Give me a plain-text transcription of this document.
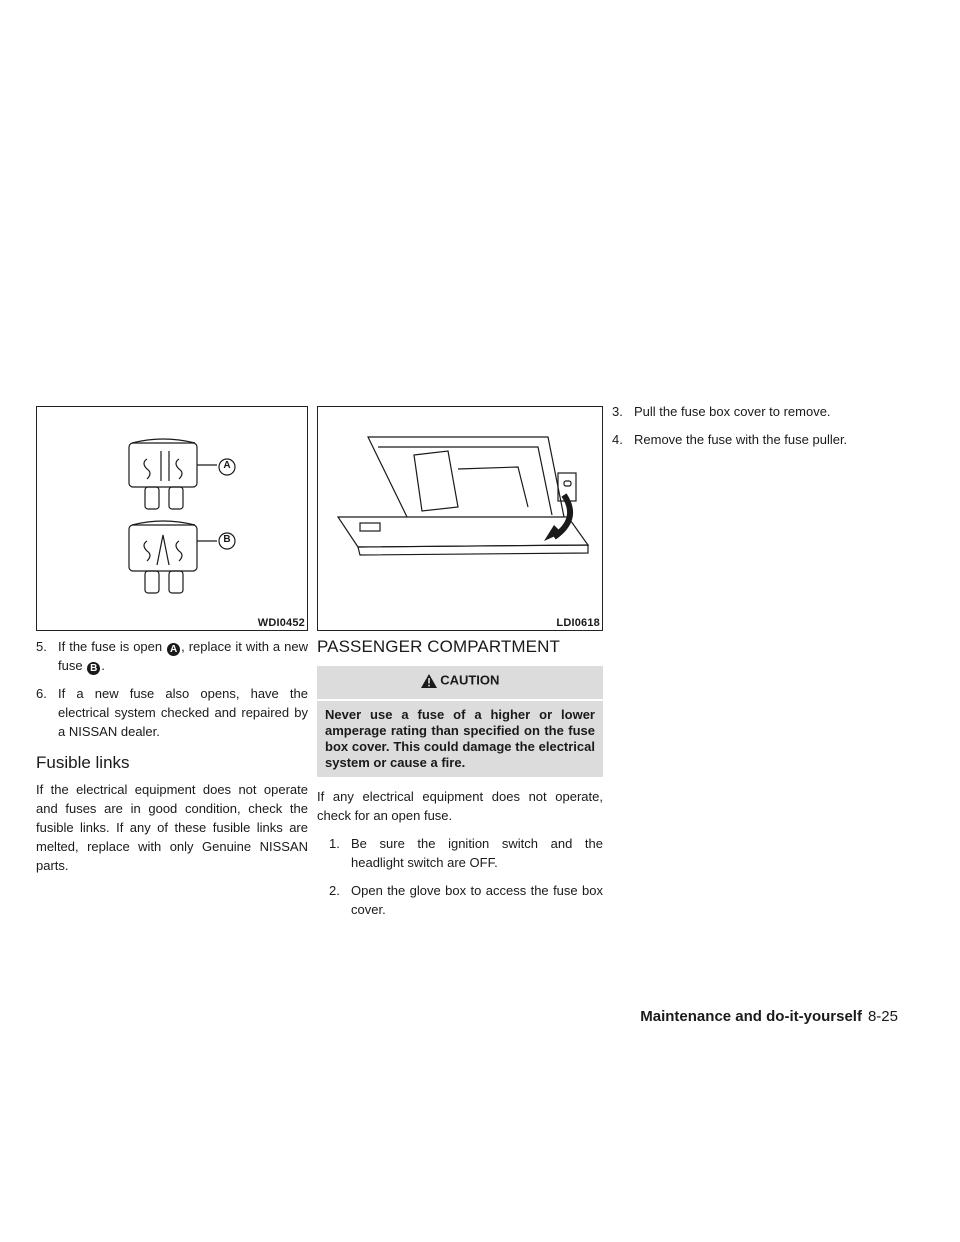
A
B
WDI0452	LDI0618
5. If the fuse is open A , replace it with a new fuse B .
6. If a new fuse also opens, have the electrical system checked and repaired by a NISSAN dealer.
Fusible links

If the electrical equipment does not operate and fuses are in good condition, check the fusible links. If any of these fusible links are melted, replace with only Genuine NISSAN parts.

PASSENGER COMPARTMENT
CAUTION
Never use a fuse of a higher or lower amperage rating than specified on the fuse box cover. This could damage the electrical system or cause a fire.

If any electrical equipment does not operate, check for an open fuse.

1. Be sure the ignition switch and the headlight switch are OFF.
2. Open the glove box to access the fuse box cover.
3. Pull the fuse box cover to remove.
4. Remove the fuse with the fuse puller.
Maintenance and do-it-yourself 8-25
